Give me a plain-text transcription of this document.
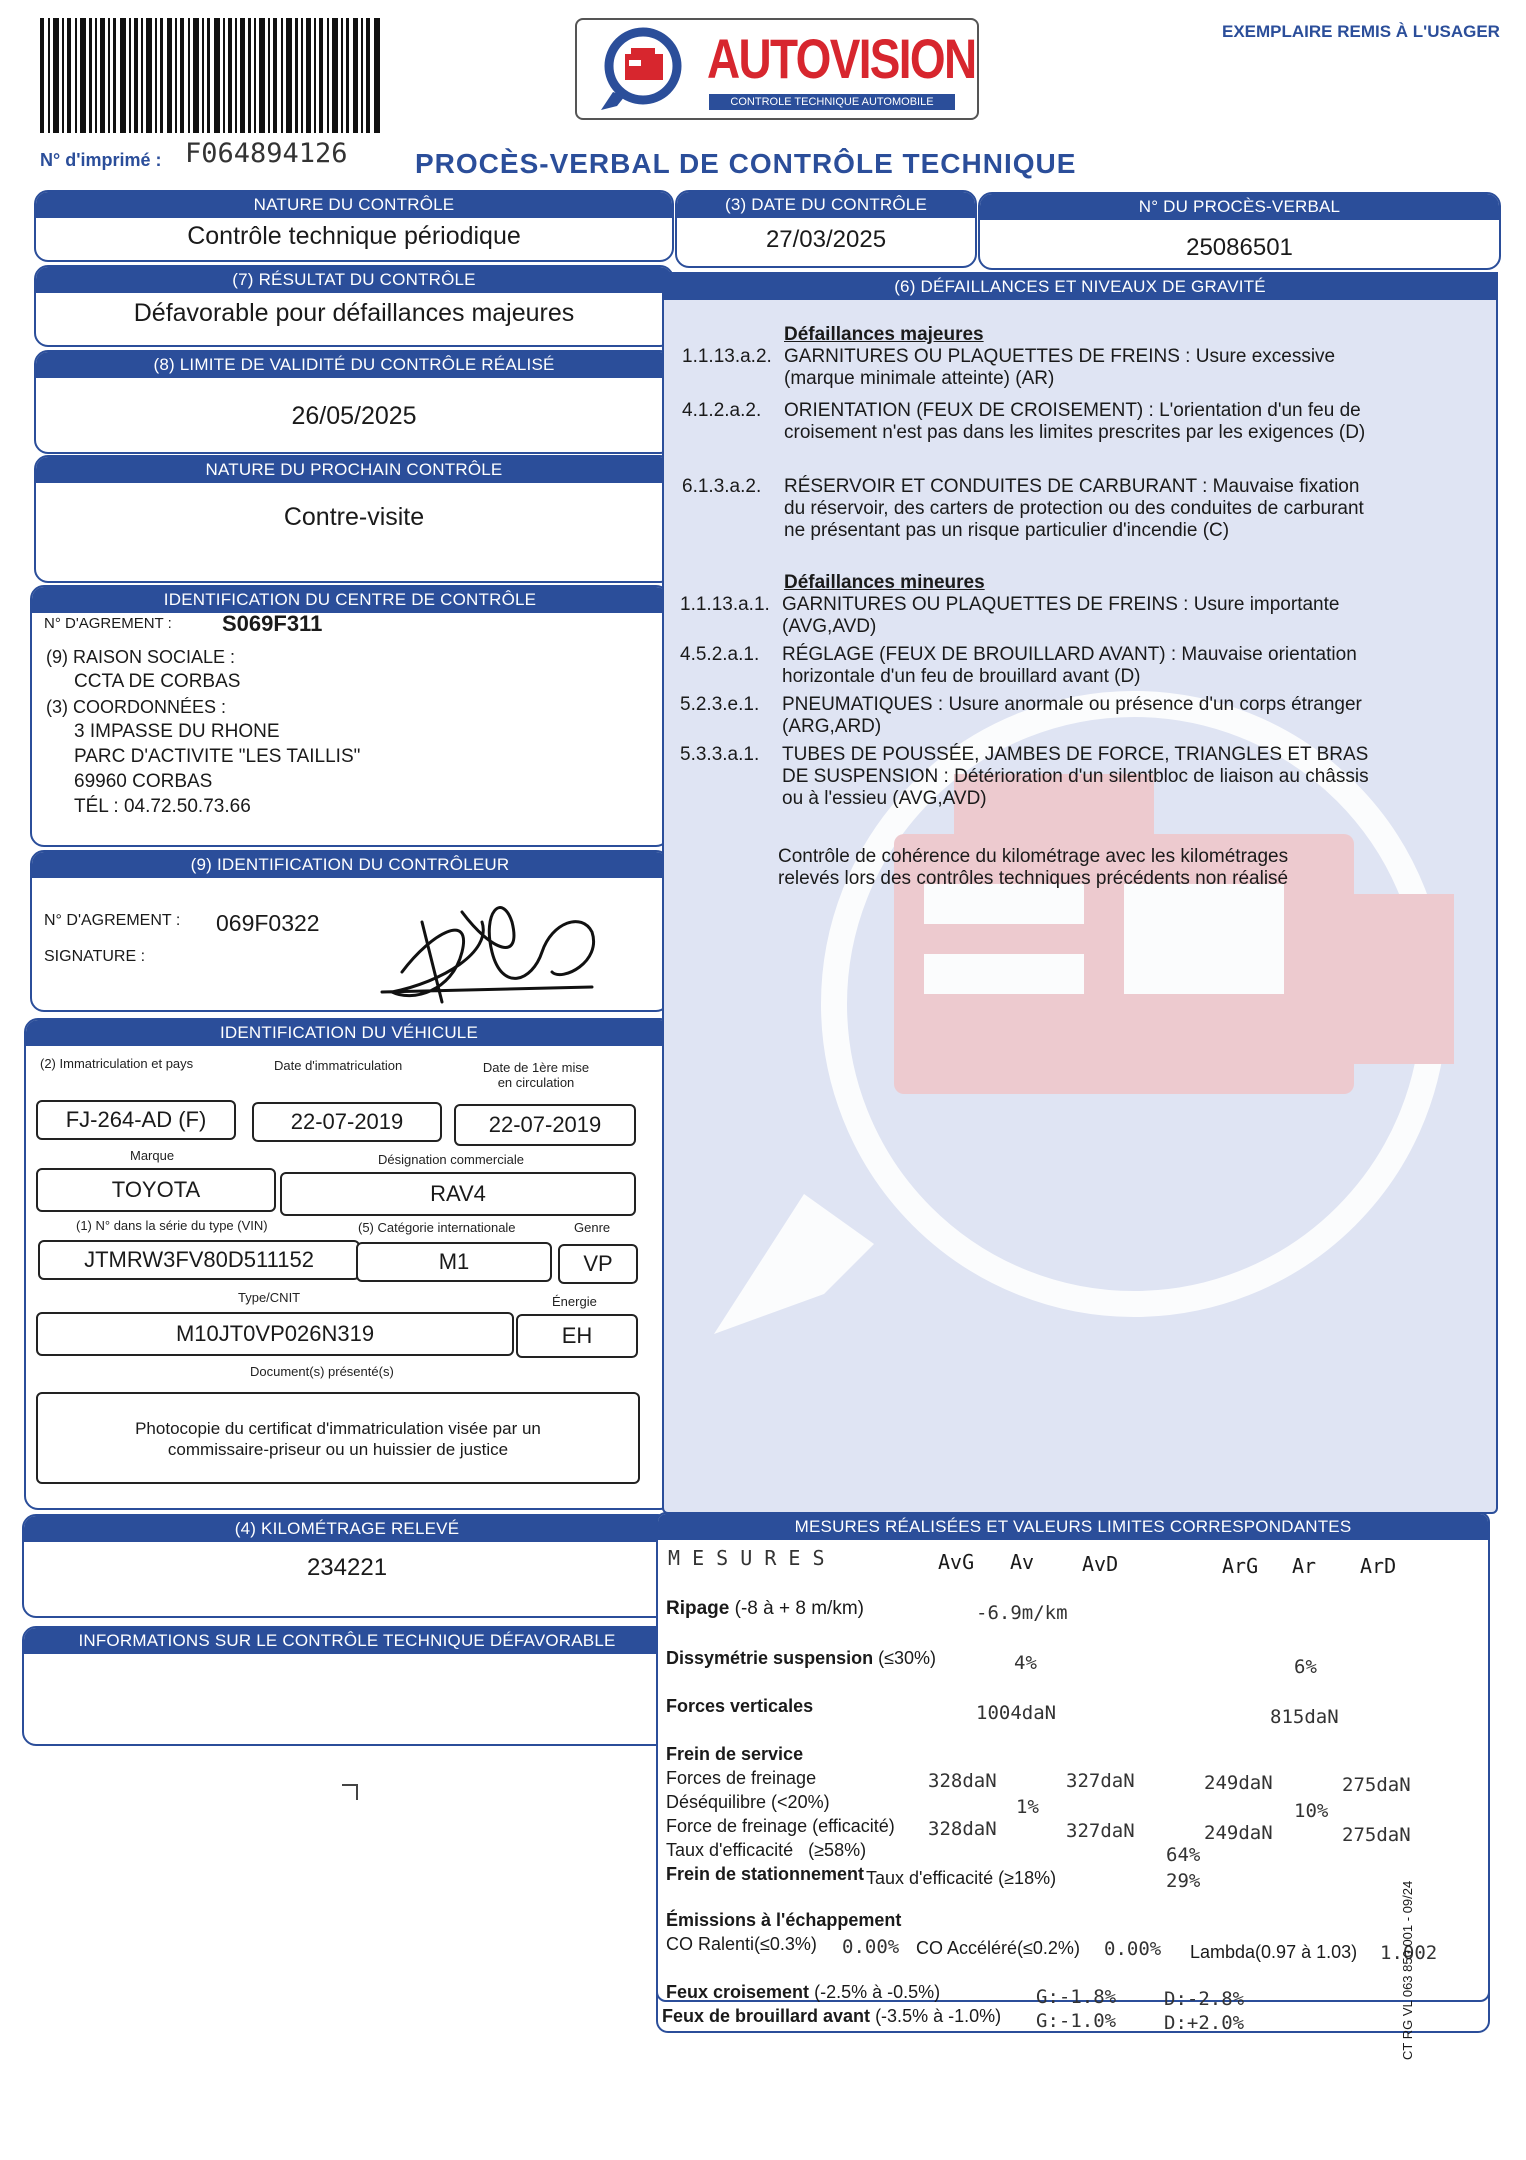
AUTOVISION
CONTROLE TECHNIQUE AUTOMOBILE
EXEMPLAIRE REMIS À L'USAGER
N° d'imprimé : F064894126 PROCÈS-VERBAL DE CONTRÔLE TECHNIQUE
NATURE DU CONTRÔLE
Contrôle technique périodique
(3) DATE DU CONTRÔLE
27/03/2025
N° DU PROCÈS-VERBAL
25086501
(7) RÉSULTAT DU CONTRÔLE
Défavorable pour défaillances majeures
(8) LIMITE DE VALIDITÉ DU CONTRÔLE RÉALISÉ
26/05/2025
NATURE DU PROCHAIN CONTRÔLE
Contre-visite
IDENTIFICATION DU CENTRE DE CONTRÔLE
N° D'AGREMENT : S069F311
(9) RAISON SOCIALE :
CCTA DE CORBAS
(3) COORDONNÉES :
3 IMPASSE DU RHONE
PARC D'ACTIVITE "LES TAILLIS"
69960 CORBAS
TÉL : 04.72.50.73.66
(9) IDENTIFICATION DU CONTRÔLEUR
N° D'AGREMENT : 069F0322
SIGNATURE :
IDENTIFICATION DU VÉHICULE
(2) Immatriculation et pays	Date d'immatriculation	Date de 1ère mise en circulation
FJ-264-AD (F)	22-07-2019	22-07-2019
Marque	Désignation commerciale
TOYOTA	RAV4
(1) N° dans la série du type (VIN)	(5) Catégorie internationale	Genre
JTMRW3FV80D511152	M1	VP
Type/CNIT	Énergie
M10JT0VP026N319	EH
Document(s) présenté(s)
Photocopie du certificat d'immatriculation visée par un commissaire-priseur ou un huissier de justice
(4) KILOMÉTRAGE RELEVÉ
234221
INFORMATIONS SUR LE CONTRÔLE TECHNIQUE DÉFAVORABLE
(6) DÉFAILLANCES ET NIVEAUX DE GRAVITÉ
Défaillances majeures
Défaillances mineures
1.1.13.a.2. GARNITURES OU PLAQUETTES DE FREINS : Usure excessive (marque minimale atteinte) (AR)
4.1.2.a.2.	ORIENTATION (FEUX DE CROISEMENT) : L'orientation d'un feu de croisement n'est pas dans les limites prescrites par les exigences (D)
6.1.3.a.2.	RÉSERVOIR ET CONDUITES DE CARBURANT : Mauvaise fixation du réservoir, des carters de protection ou des conduites de carburant ne présentant pas un risque particulier d'incendie (C)
1.1.13.a.1. GARNITURES OU PLAQUETTES DE FREINS : Usure importante (AVG,AVD)
4.5.2.a.1.	RÉGLAGE (FEUX DE BROUILLARD AVANT) : Mauvaise orientation horizontale d'un feu de brouillard avant (D)
5.2.3.e.1.	PNEUMATIQUES : Usure anormale ou présence d'un corps étranger (ARG,ARD)
5.3.3.a.1.	TUBES DE POUSSÉE, JAMBES DE FORCE, TRIANGLES ET BRAS DE SUSPENSION : Détérioration d'un silentbloc de liaison au châssis ou à l'essieu (AVG,AVD)
Contrôle de cohérence du kilométrage avec les kilométrages relevés lors des contrôles techniques précédents non réalisé
MESURES RÉALISÉES ET VALEURS LIMITES CORRESPONDANTES
M E S U R E S	AvG Av AvD	ArG Ar ArD
Ripage (-8 à + 8 m/km)	-6.9m/km
Dissymétrie suspension (≤30%)	4%	6%
Forces verticales	1004daN	815daN
Frein de service
Forces de freinage	328daN	327daN	249daN	275daN
Déséquilibre (<20%)	1%	10%
Force de freinage (efficacité) 328daN	327daN	249daN	275daN
Taux d'efficacité   (≥58%)	64%
Frein de stationnement Taux d'efficacité (≥18%)	29%
Émissions à l'échappement
CO Ralenti(≤0.3%) 0.00% CO Accéléré(≤0.2%) 0.00% Lambda(0.97 à 1.03) 1.002
Feux croisement (-2.5% à -0.5%)	G:-1.8%	D:-2.8%
Feux de brouillard avant (-3.5% à -1.0%) G:-1.0%	D:+2.0%	CT RG VL 063 850 001 - 09/24
